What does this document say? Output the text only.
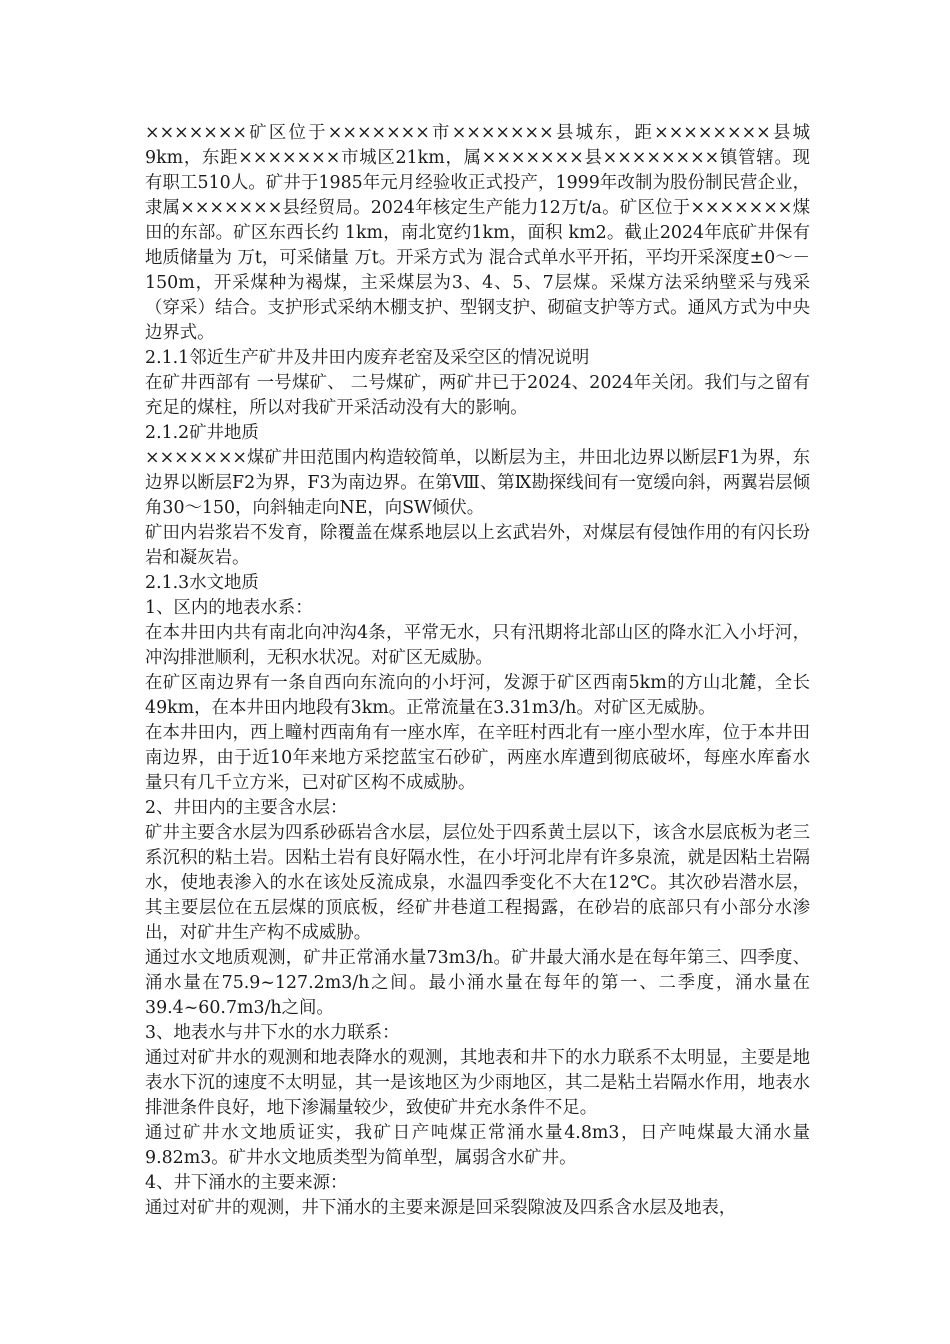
×××××××矿区位于×××××××市×××××××县城东，距××××××××县城9km，东距×××××××市城区21km，属×××××××县××××××××镇管辖。现有职工510人。矿井于1985年元月经验收正式投产，1999年改制为股份制民营企业，隶属×××××××县经贸局。2024年核定生产能力12万t/a。矿区位于×××××××煤田的东部。矿区东西长约 1km，南北宽约1km，面积 km2。截止2024年底矿井保有地质储量为 万t，可采储量 万t。开采方式为 混合式单水平开拓，平均开采深度±0～－150m，开采煤种为褐煤，主采煤层为3、4、5、7层煤。采煤方法采纳壁采与残采（穿采）结合。支护形式采纳木棚支护、型钢支护、砌碹支护等方式。通风方式为中央边界式。

2.1.1邻近生产矿井及井田内废弃老窑及采空区的情况说明

在矿井西部有 一号煤矿、 二号煤矿，两矿井已于2024、2024年关闭。我们与之留有充足的煤柱，所以对我矿开采活动没有大的影响。

2.1.2矿井地质

×××××××煤矿井田范围内构造较简单，以断层为主，井田北边界以断层F1为界，东边界以断层F2为界，F3为南边界。在第Ⅷ、第Ⅸ勘探线间有一宽缓向斜，两翼岩层倾角30～150，向斜轴走向NE，向SW倾伏。

矿田内岩浆岩不发育，除覆盖在煤系地层以上玄武岩外，对煤层有侵蚀作用的有闪长玢岩和凝灰岩。

2.1.3水文地质
1、区内的地表水系：

在本井田内共有南北向冲沟4条，平常无水，只有汛期将北部山区的降水汇入小圩河，冲沟排泄顺利，无积水状况。对矿区无威胁。

在矿区南边界有一条自西向东流向的小圩河，发源于矿区西南5km的方山北麓，全长49km，在本井田内地段有3km。正常流量在3.31m3/h。对矿区无威胁。

在本井田内，西上疃村西南角有一座水库，在辛旺村西北有一座小型水库，位于本井田南边界，由于近10年来地方采挖蓝宝石砂矿，两座水库遭到彻底破坏，每座水库畜水量只有几千立方米，已对矿区构不成威胁。

2、井田内的主要含水层：

矿井主要含水层为四系砂砾岩含水层，层位处于四系黄土层以下，该含水层底板为老三系沉积的粘土岩。因粘土岩有良好隔水性，在小圩河北岸有许多泉流，就是因粘土岩隔水，使地表渗入的水在该处反流成泉，水温四季变化不大在12℃。其次砂岩潜水层，其主要层位在五层煤的顶底板，经矿井巷道工程揭露，在砂岩的底部只有小部分水渗出，对矿井生产构不成威胁。

通过水文地质观测，矿井正常涌水量73m3/h。矿井最大涌水是在每年第三、四季度、涌水量在75.9~127.2m3/h之间。最小涌水量在每年的第一、二季度，涌水量在39.4~60.7m3/h之间。

3、地表水与井下水的水力联系：

通过对矿井水的观测和地表降水的观测，其地表和井下的水力联系不太明显，主要是地表水下沉的速度不太明显，其一是该地区为少雨地区，其二是粘土岩隔水作用，地表水排泄条件良好，地下渗漏量较少，致使矿井充水条件不足。

通过矿井水文地质证实，我矿日产吨煤正常涌水量4.8m3，日产吨煤最大涌水量9.82m3。矿井水文地质类型为简单型，属弱含水矿井。

4、井下涌水的主要来源：

通过对矿井的观测，井下涌水的主要来源是回采裂隙波及四系含水层及地表，
